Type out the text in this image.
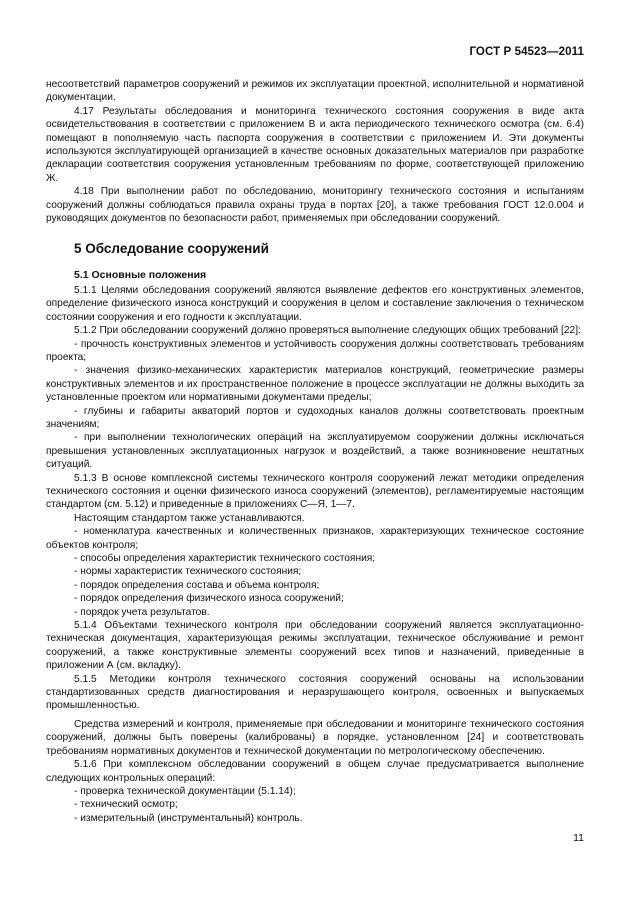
ГОСТ Р 54523—2011

несоответствий параметров сооружений и режимов их эксплуатации проектной, исполнительной и нормативной документации.

4.17 Результаты обследования и мониторинга технического состояния сооружения в виде акта освидетельствования в соответствии с приложением В и акта периодического технического осмотра (см. 6.4) помещают в пополняемую часть паспорта сооружения в соответствии с приложением И. Эти документы используются эксплуатирующей организацией в качестве основных доказательных материалов при разработке декларации соответствия сооружения установленным требованиям по форме, соответствующей приложению Ж.

4.18 При выполнении работ по обследованию, мониторингу технического состояния и испытаниям сооружений должны соблюдаться правила охраны труда в портах [20], а также требования ГОСТ 12.0.004 и руководящих документов по безопасности работ, применяемых при обследовании сооружений.

5 Обследование сооружений
5.1 Основные положения

5.1.1 Целями обследования сооружений являются выявление дефектов его конструктивных элементов, определение физического износа конструкций и сооружения в целом и составление заключения о техническом состоянии сооружения и его годности к эксплуатации.

5.1.2 При обследовании сооружений должно проверяться выполнение следующих общих требований [22]:

- прочность конструктивных элементов и устойчивость сооружения должны соответствовать требованиям проекта;

- значения физико-механических характеристик материалов конструкций, геометрические размеры конструктивных элементов и их пространственное положение в процессе эксплуатации не должны выходить за установленные проектом или нормативными документами пределы;

- глубины и габариты акваторий портов и судоходных каналов должны соответствовать проектным значениям;

- при выполнении технологических операций на эксплуатируемом сооружении должны исключаться превышения установленных эксплуатационных нагрузок и воздействий, а также возникновение нештатных ситуаций.

5.1.3 В основе комплексной системы технического контроля сооружений лежат методики определения технического состояния и оценки физического износа сооружений (элементов), регламентируемые настоящим стандартом (см. 5.12) и приведенные в приложениях С—Я, 1—7.

Настоящим стандартом также устанавливаются.

- номенклатура качественных и количественных признаков, характеризующих техническое состояние объектов контроля;

- способы определения характеристик технического состояния;

- нормы характеристик технического состояния;

- порядок определения состава и объема контроля;

- порядок определения физического износа сооружений;

- порядок учета результатов.

5.1.4 Объектами технического контроля при обследовании сооружений является эксплуатационно-техническая документация, характеризующая режимы эксплуатации, техническое обслуживание и ремонт сооружений, а также конструктивные элементы сооружений всех типов и назначений, приведенные в приложении А (см. вкладку).

5.1.5 Методики контроля технического состояния сооружений основаны на использовании стандартизованных средств диагностирования и неразрушающего контроля, освоенных и выпускаемых промышленностью.

Средства измерений и контроля, применяемые при обследовании и мониторинге технического состояния сооружений, должны быть поверены (калиброваны) в порядке, установленном [24] и соответствовать требованиям нормативных документов и технической документации по метрологическому обеспечению.

5.1.6 При комплексном обследовании сооружений в общем случае предусматривается выполнение следующих контрольных операций:

- проверка технической документации (5.1.14);

- технический осмотр;

- измерительный (инструментальный) контроль.

11
